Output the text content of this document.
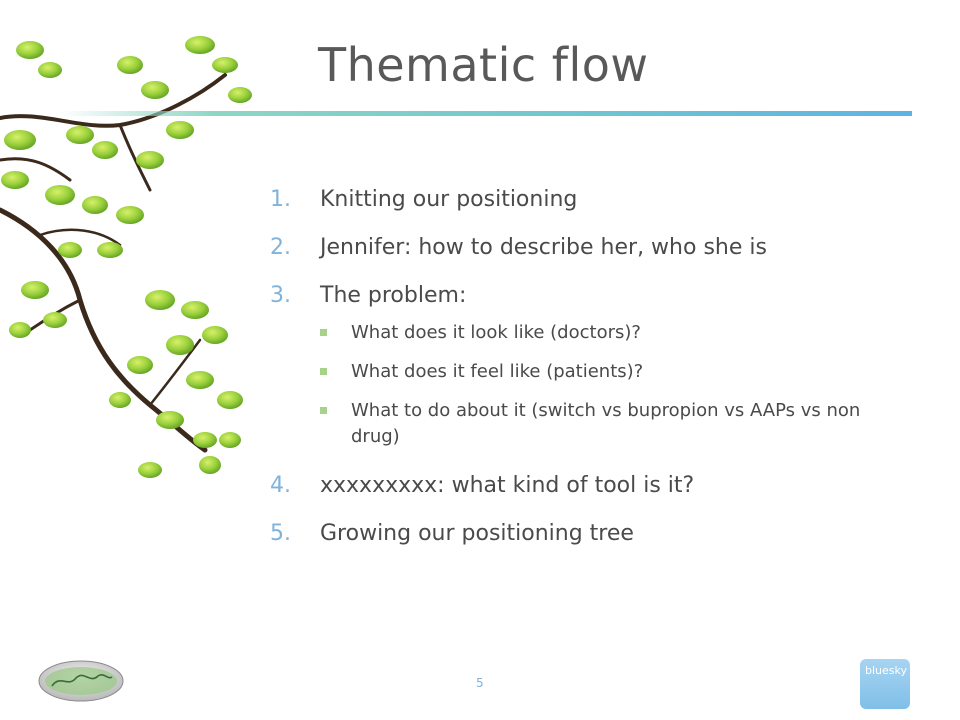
Thematic flow
1.	Knitting our positioning
2.	Jennifer: how to describe her, who she is
3.	The problem:
What does it look like (doctors)?
What does it feel like (patients)?
What to do about it (switch vs bupropion vs AAPs vs non drug)
4.	xxxxxxxxx: what kind of tool is it?
5.	Growing our positioning tree
5
bluesky
